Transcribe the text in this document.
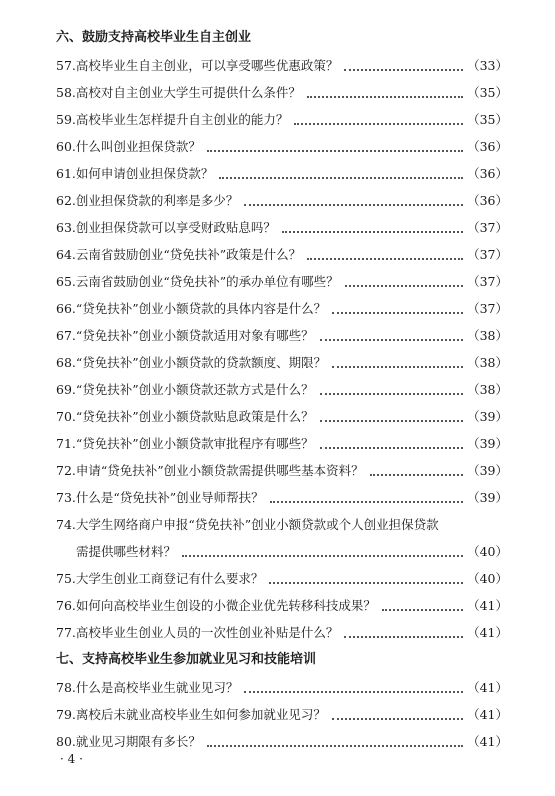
六、鼓励支持高校毕业生自主创业
57. 高校毕业生自主创业，可以享受哪些优惠政策？	（33）
58. 高校对自主创业大学生可提供什么条件？	（35）
59. 高校毕业生怎样提升自主创业的能力？	（35）
60. 什么叫创业担保贷款？	（36）
61. 如何申请创业担保贷款？	（36）
62. 创业担保贷款的利率是多少？	（36）
63. 创业担保贷款可以享受财政贴息吗？	（37）
64. 云南省鼓励创业“贷免扶补”政策是什么？	（37）
65. 云南省鼓励创业“贷免扶补”的承办单位有哪些？	（37）
66. “贷免扶补”创业小额贷款的具体内容是什么？	（37）
67. “贷免扶补”创业小额贷款适用对象有哪些？	（38）
68. “贷免扶补”创业小额贷款的贷款额度、期限？	（38）
69. “贷免扶补”创业小额贷款还款方式是什么？	（38）
70. “贷免扶补”创业小额贷款贴息政策是什么？	（39）
71. “贷免扶补”创业小额贷款审批程序有哪些？	（39）
72. 申请“贷免扶补”创业小额贷款需提供哪些基本资料？	（39）
73. 什么是“贷免扶补”创业导师帮扶？	（39）
74.大学生网络商户申报“贷免扶补”创业小额贷款或个人创业担保贷款
需提供哪些材料？	（40）
75. 大学生创业工商登记有什么要求？	（40）
76. 如何向高校毕业生创设的小微企业优先转移科技成果？	（41）
77. 高校毕业生创业人员的一次性创业补贴是什么？	（41）
七、支持高校毕业生参加就业见习和技能培训
78. 什么是高校毕业生就业见习？	（41）
79. 离校后未就业高校毕业生如何参加就业见习？	（41）
80. 就业见习期限有多长？	（41）
· 4 ·
